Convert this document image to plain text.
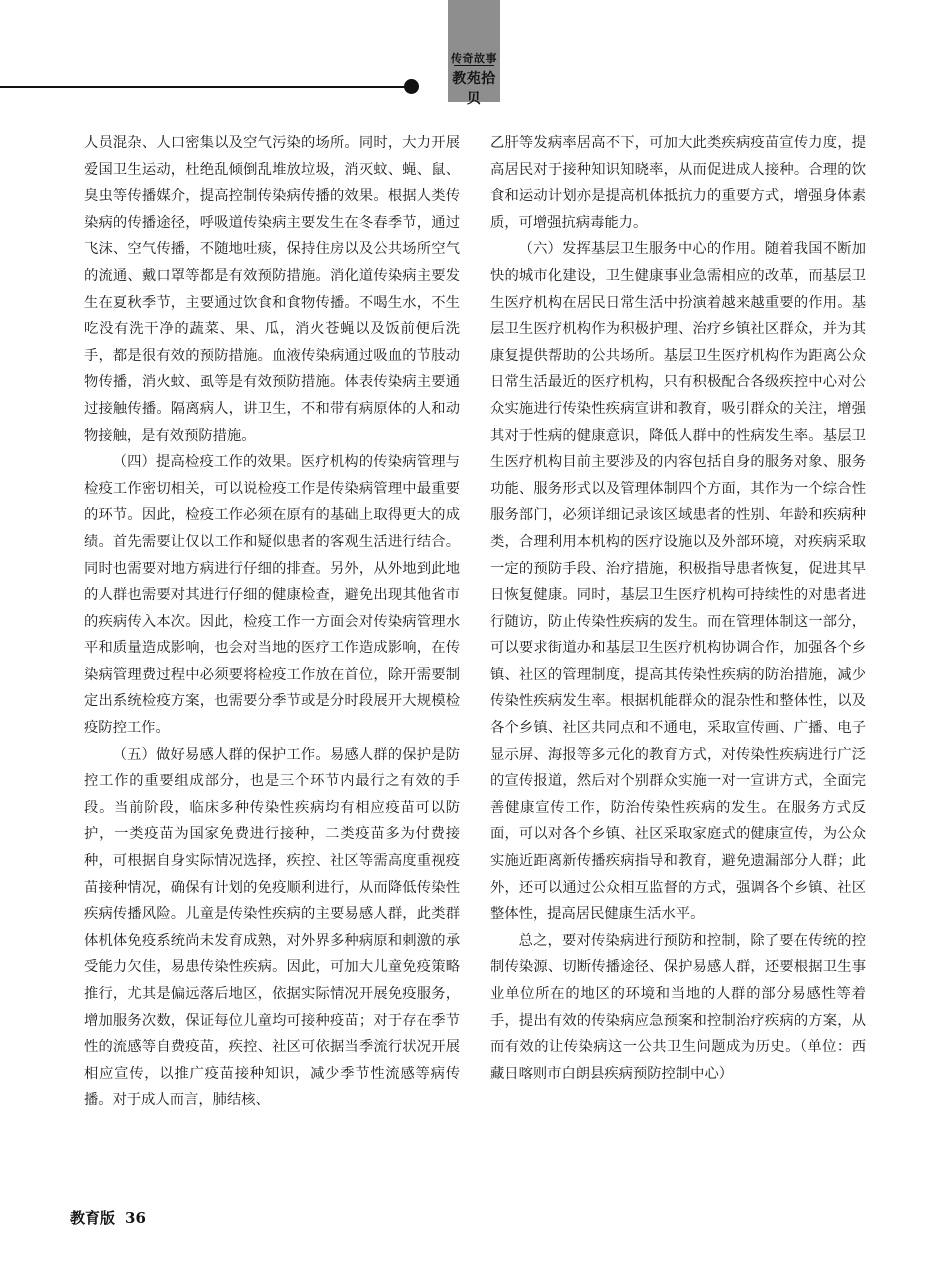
传奇故事
教苑拾贝

人员混杂、人口密集以及空气污染的场所。同时，大力开展爱国卫生运动，杜绝乱倾倒乱堆放垃圾，消灭蚊、蝇、鼠、臭虫等传播媒介，提高控制传染病传播的效果。根据人类传染病的传播途径，呼吸道传染病主要发生在冬春季节，通过飞沫、空气传播，不随地吐痰，保持住房以及公共场所空气的流通、戴口罩等都是有效预防措施。消化道传染病主要发生在夏秋季节，主要通过饮食和食物传播。不喝生水，不生吃没有洗干净的蔬菜、果、瓜，消火苍蝇以及饭前便后洗手，都是很有效的预防措施。血液传染病通过吸血的节肢动物传播，消火蚊、虱等是有效预防措施。体表传染病主要通过接触传播。隔离病人，讲卫生，不和带有病原体的人和动物接触，是有效预防措施。

（四）提高检疫工作的效果。医疗机构的传染病管理与检疫工作密切相关，可以说检疫工作是传染病管理中最重要的环节。因此，检疫工作必须在原有的基础上取得更大的成绩。首先需要让仅以工作和疑似患者的客观生活进行结合。同时也需要对地方病进行仔细的排查。另外，从外地到此地的人群也需要对其进行仔细的健康检查，避免出现其他省市的疾病传入本次。因此，检疫工作一方面会对传染病管理水平和质量造成影响，也会对当地的医疗工作造成影响，在传染病管理费过程中必须要将检疫工作放在首位，除开需要制定出系统检疫方案，也需要分季节或是分时段展开大规模检疫防控工作。

（五）做好易感人群的保护工作。易感人群的保护是防控工作的重要组成部分，也是三个环节内最行之有效的手段。当前阶段，临床多种传染性疾病均有相应疫苗可以防护，一类疫苗为国家免费进行接种，二类疫苗多为付费接种，可根据自身实际情况选择，疾控、社区等需高度重视疫苗接种情况，确保有计划的免疫顺利进行，从而降低传染性疾病传播风险。儿童是传染性疾病的主要易感人群，此类群体机体免疫系统尚未发育成熟，对外界多种病原和刺激的承受能力欠佳，易患传染性疾病。因此，可加大儿童免疫策略推行，尤其是偏远落后地区，依据实际情况开展免疫服务，增加服务次数，保证每位儿童均可接种疫苗；对于存在季节性的流感等自费疫苗，疾控、社区可依据当季流行状况开展相应宣传，以推广疫苗接种知识，减少季节性流感等病传播。对于成人而言，肺结核、

乙肝等发病率居高不下，可加大此类疾病疫苗宣传力度，提高居民对于接种知识知晓率，从而促进成人接种。合理的饮食和运动计划亦是提高机体抵抗力的重要方式，增强身体素质，可增强抗病毒能力。

（六）发挥基层卫生服务中心的作用。随着我国不断加快的城市化建设，卫生健康事业急需相应的改革，而基层卫生医疗机构在居民日常生活中扮演着越来越重要的作用。基层卫生医疗机构作为积极护理、治疗乡镇社区群众，并为其康复提供帮助的公共场所。基层卫生医疗机构作为距离公众日常生活最近的医疗机构，只有积极配合各级疾控中心对公众实施进行传染性疾病宣讲和教育，吸引群众的关注，增强其对于性病的健康意识，降低人群中的性病发生率。基层卫生医疗机构目前主要涉及的内容包括自身的服务对象、服务功能、服务形式以及管理体制四个方面，其作为一个综合性服务部门，必须详细记录该区域患者的性别、年龄和疾病种类，合理利用本机构的医疗设施以及外部环境，对疾病采取一定的预防手段、治疗措施，积极指导患者恢复，促进其早日恢复健康。同时，基层卫生医疗机构可持续性的对患者进行随访，防止传染性疾病的发生。而在管理体制这一部分，可以要求街道办和基层卫生医疗机构协调合作，加强各个乡镇、社区的管理制度，提高其传染性疾病的防治措施，减少传染性疾病发生率。根据机能群众的混杂性和整体性，以及各个乡镇、社区共同点和不通电，采取宣传画、广播、电子显示屏、海报等多元化的教育方式，对传染性疾病进行广泛的宣传报道，然后对个别群众实施一对一宣讲方式，全面完善健康宣传工作，防治传染性疾病的发生。在服务方式反面，可以对各个乡镇、社区采取家庭式的健康宣传，为公众实施近距离新传播疾病指导和教育，避免遗漏部分人群；此外，还可以通过公众相互监督的方式，强调各个乡镇、社区整体性，提高居民健康生活水平。

总之，要对传染病进行预防和控制，除了要在传统的控制传染源、切断传播途径、保护易感人群，还要根据卫生事业单位所在的地区的环境和当地的人群的部分易感性等着手，提出有效的传染病应急预案和控制治疗疾病的方案，从而有效的让传染病这一公共卫生问题成为历史。（单位：西藏日喀则市白朗县疾病预防控制中心）

教育版 36
